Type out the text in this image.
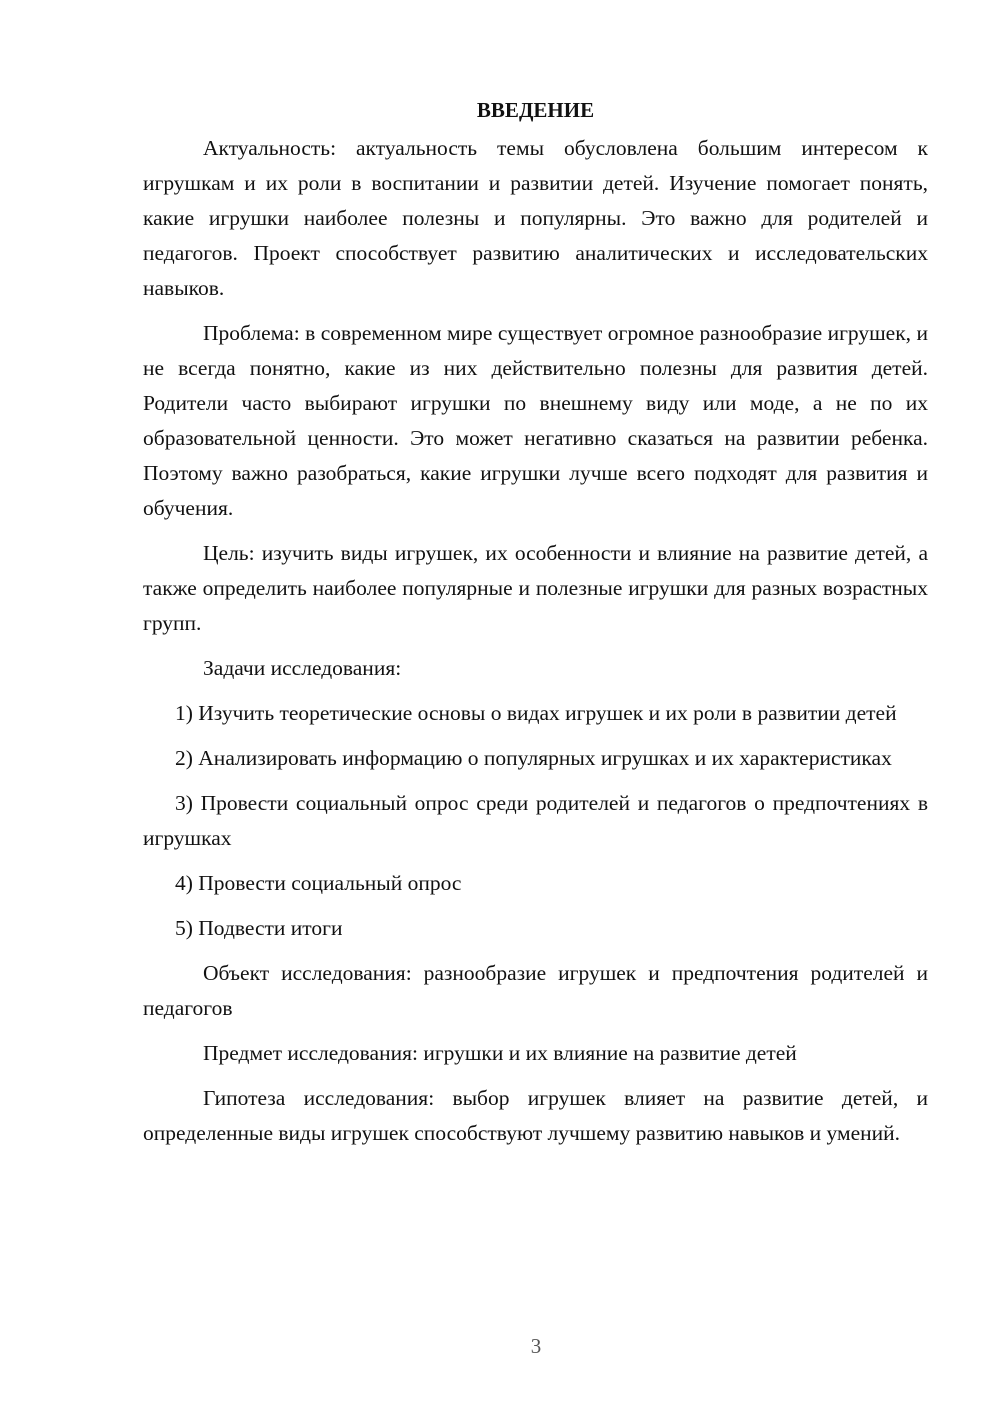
ВВЕДЕНИЕ

Актуальность: актуальность темы обусловлена большим интересом к игрушкам и их роли в воспитании и развитии детей. Изучение помогает понять, какие игрушки наиболее полезны и популярны. Это важно для родителей и педагогов. Проект способствует развитию аналитических и исследовательских навыков.

Проблема: в современном мире существует огромное разнообразие игрушек, и не всегда понятно, какие из них действительно полезны для развития детей. Родители часто выбирают игрушки по внешнему виду или моде, а не по их образовательной ценности. Это может негативно сказаться на развитии ребенка. Поэтому важно разобраться, какие игрушки лучше всего подходят для развития и обучения.

Цель: изучить виды игрушек, их особенности и влияние на развитие детей, а также определить наиболее популярные и полезные игрушки для разных возрастных групп.

Задачи исследования:

1) Изучить теоретические основы о видах игрушек и их роли в развитии детей

2) Анализировать информацию о популярных игрушках и их характеристиках

3) Провести социальный опрос среди родителей и педагогов о предпочтениях в игрушках

4) Провести социальный опрос

5) Подвести итоги

Объект исследования: разнообразие игрушек и предпочтения родителей и педагогов

Предмет исследования: игрушки и их влияние на развитие детей

Гипотеза исследования: выбор игрушек влияет на развитие детей, и определенные виды игрушек способствуют лучшему развитию навыков и умений.

3
